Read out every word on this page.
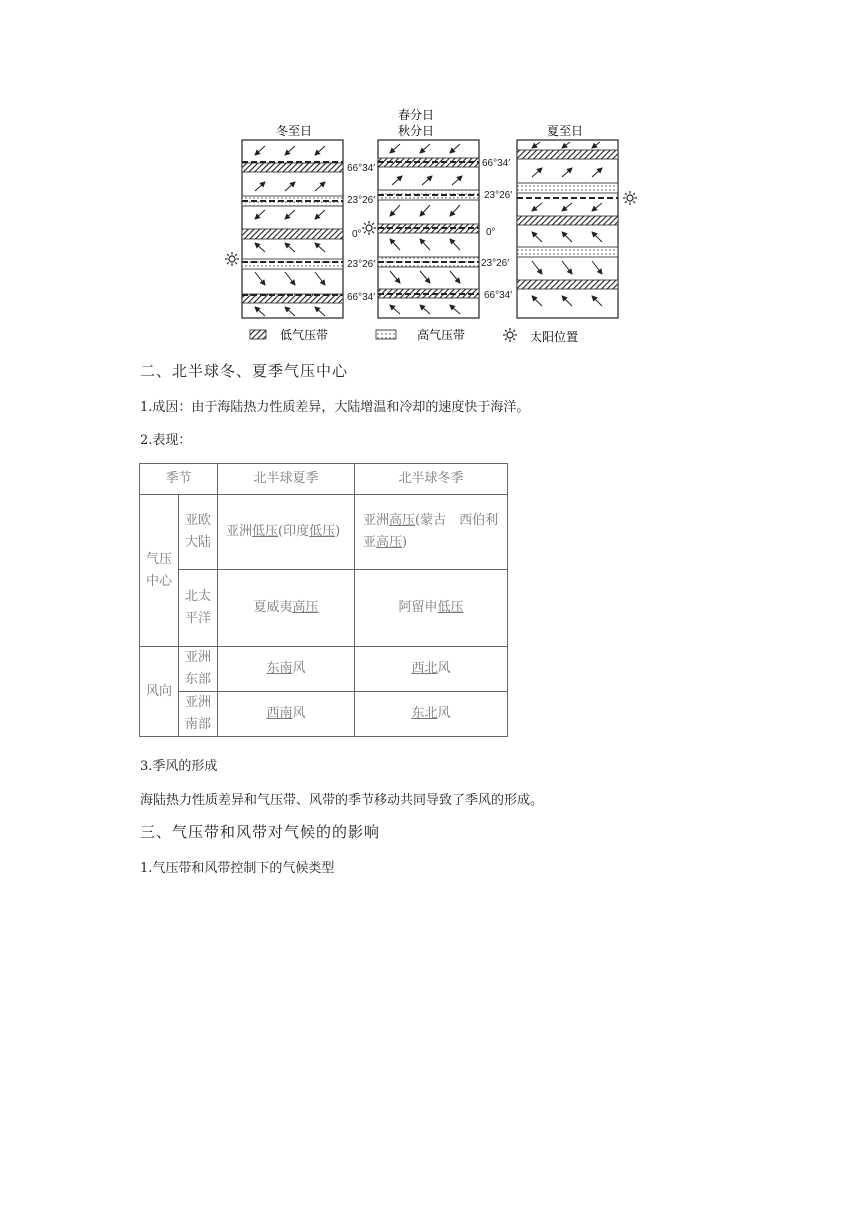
冬至日
春分日
秋分日	夏至日
66°34′
23°26′
0°
23°26′
66°34′
66°34′
23°26′
0°
23°26′
66°34′
低气压带	高气压带	太阳位置
二、北半球冬、夏季气压中心
1.成因：由于海陆热力性质差异，大陆增温和冷却的速度快于海洋。
2.表现：
季节		北半球夏季	北半球冬季

气压中心	亚欧大陆	亚洲低压(印度低压)	亚洲高压(蒙古　西伯利亚高压)

	北太平洋	夏威夷高压	阿留申低压

风向	亚洲东部	东南风	西北风

	亚洲南部	西南风	东北风
3.季风的形成
海陆热力性质差异和气压带、风带的季节移动共同导致了季风的形成。
三、气压带和风带对气候的的影响
1.气压带和风带控制下的气候类型
